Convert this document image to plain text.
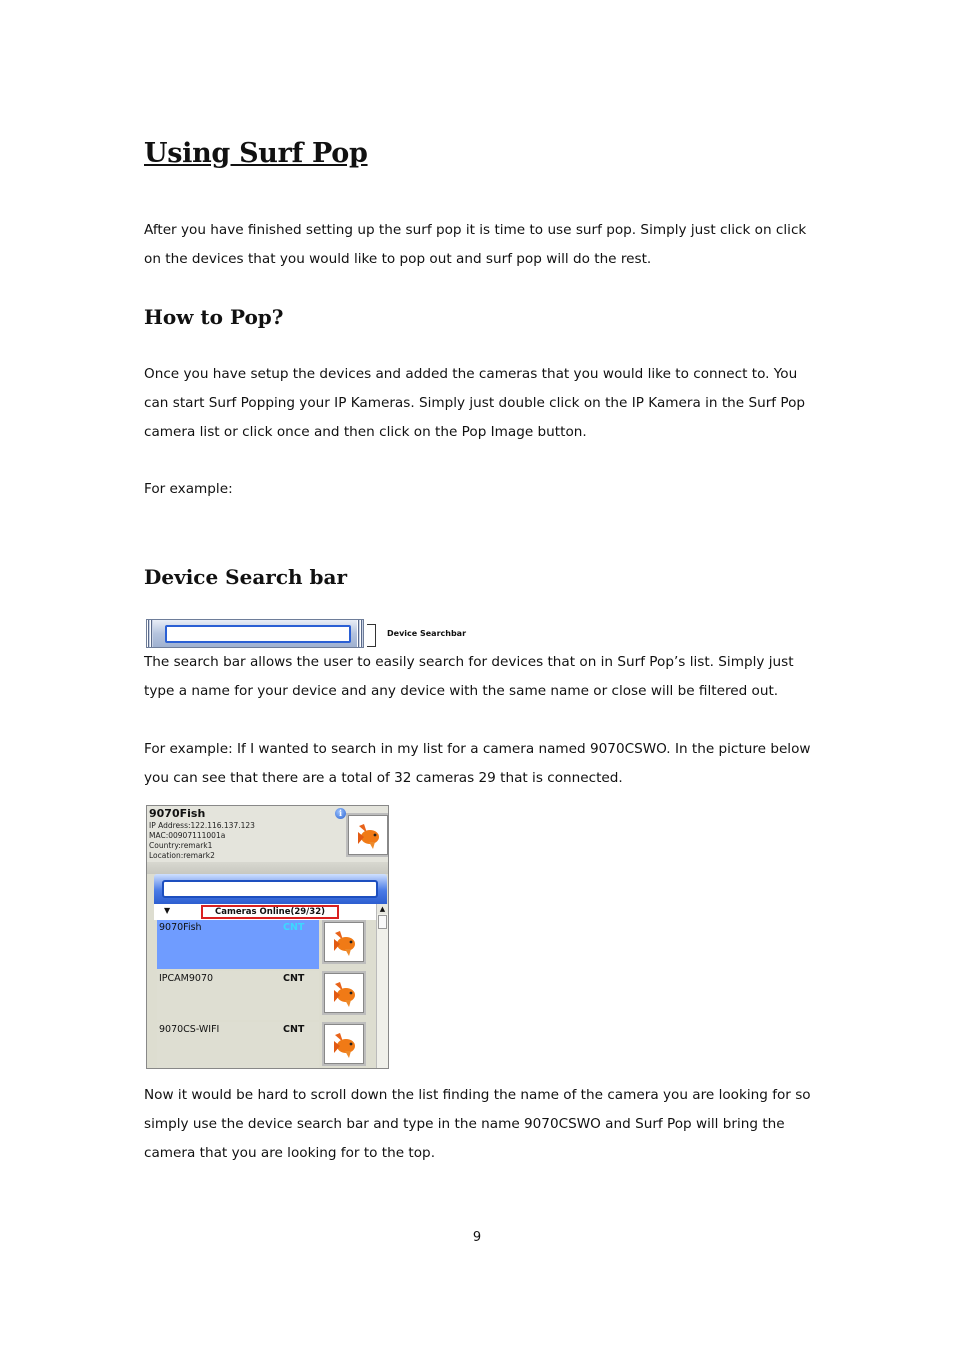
Using Surf Pop

After you have finished setting up the surf pop it is time to use surf pop. Simply just click on click on the devices that you would like to pop out and surf pop will do the rest.

How to Pop?

Once you have setup the devices and added the cameras that you would like to connect to. You can start Surf Popping your IP Kameras. Simply just double click on the IP Kamera in the Surf Pop camera list or click once and then click on the Pop Image button.

For example:

Device Search bar
Device Searchbar

The search bar allows the user to easily search for devices that on in Surf Pop’s list. Simply just type a name for your device and any device with the same name or close will be filtered out.

For example: If I wanted to search in my list for a camera named 9070CSWO. In the picture below you can see that there are a total of 32 cameras 29 that is connected.

9070Fish
IP Address:122.116.137.123
MAC:00907111001a
Country:remark1
Location:remark2
i
▼	Cameras Online(29/32)
9070Fish	CNT
IPCAM9070	CNT
9070CS-WIFI	CNT
▲

Now it would be hard to scroll down the list finding the name of the camera you are looking for so simply use the device search bar and type in the name 9070CSWO and Surf Pop will bring the camera that you are looking for to the top.

9
